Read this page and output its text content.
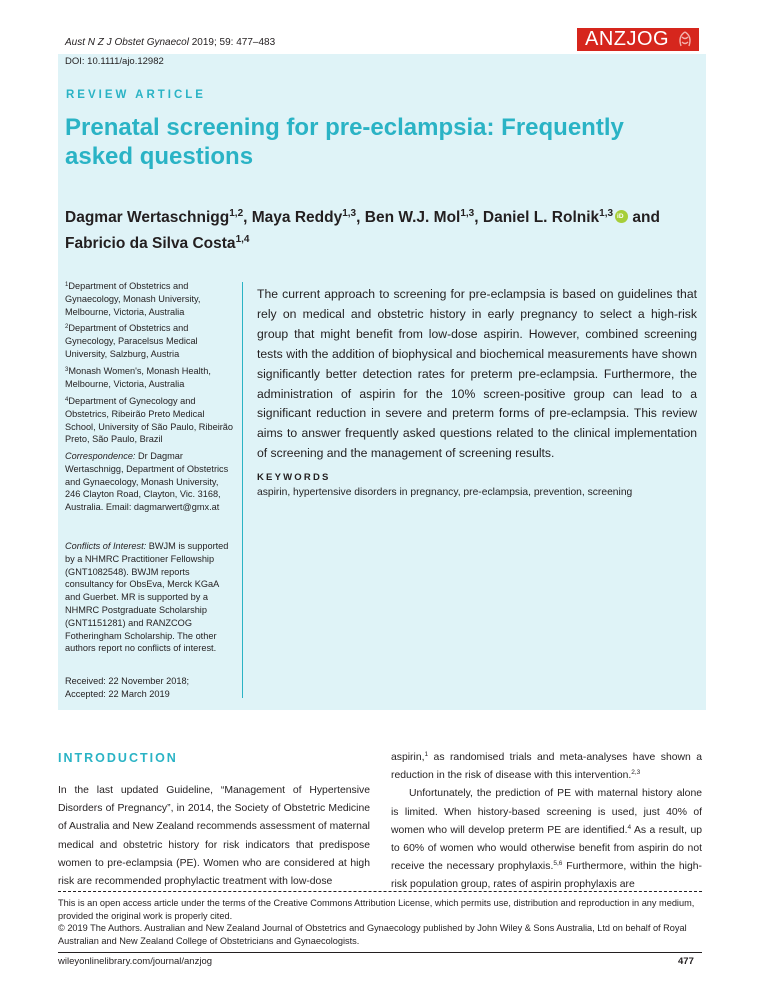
Aust N Z J Obstet Gynaecol 2019; 59: 477–483	ANZJOG
DOI: 10.1111/ajo.12982
REVIEW ARTICLE
Prenatal screening for pre-eclampsia: Frequently asked questions
Dagmar Wertaschnigg$^{1,2}$, Maya Reddy$^{1,3}$, Ben W.J. Mol$^{1,3}$, Daniel L. Rolnik$^{1,3}$iD and
Fabricio da Silva Costa$^{1,4}$
$^1$Department of Obstetrics and Gynaecology, Monash University, Melbourne, Victoria, Australia
$^2$Department of Obstetrics and Gynecology, Paracelsus Medical University, Salzburg, Austria
$^3$Monash Women's, Monash Health, Melbourne, Victoria, Australia
$^4$Department of Gynecology and Obstetrics, Ribeirão Preto Medical School, University of São Paulo, Ribeirão Preto, São Paulo, Brazil
Correspondence: Dr Dagmar Wertaschnigg, Department of Obstetrics and Gynaecology, Monash University, 246 Clayton Road, Clayton, Vic. 3168, Australia. Email: dagmarwert@gmx.at
Conflicts of Interest: BWJM is supported by a NHMRC Practitioner Fellowship (GNT1082548). BWJM reports consultancy for ObsEva, Merck KGaA and Guerbet. MR is supported by a NHMRC Postgraduate Scholarship (GNT1151281) and RANZCOG Fotheringham Scholarship. The other authors report no conflicts of interest.
Received: 22 November 2018;
Accepted: 22 March 2019

The current approach to screening for pre-eclampsia is based on guidelines that rely on medical and obstetric history in early pregnancy to select a high-risk group that might benefit from low-dose aspirin. However, combined screening tests with the addition of biophysical and biochemical measurements have shown significantly better detection rates for preterm pre-eclampsia. Furthermore, the administration of aspirin for the 10% screen-positive group can lead to a significant reduction in severe and preterm forms of pre-eclampsia. This review aims to answer frequently asked questions related to the clinical implementation of screening and the management of screening results.

KEYWORDS
aspirin, hypertensive disorders in pregnancy, pre-eclampsia, prevention, screening
INTRODUCTION

In the last updated Guideline, “Management of Hypertensive Disorders of Pregnancy”, in 2014, the Society of Obstetric Medicine of Australia and New Zealand recommends assessment of maternal medical and obstetric history for risk indicators that predispose women to pre-eclampsia (PE). Women who are considered at high risk are recommended prophylactic treatment with low-dose

aspirin,$^1$ as randomised trials and meta-analyses have shown a reduction in the risk of disease with this intervention.$^{2,3}$

Unfortunately, the prediction of PE with maternal history alone is limited. When history-based screening is used, just 40% of women who will develop preterm PE are identified.$^4$ As a result, up to 60% of women who would otherwise benefit from aspirin do not receive the necessary prophylaxis.$^{5,6}$ Furthermore, within the high-risk population group, rates of aspirin prophylaxis are

This is an open access article under the terms of the Creative Commons Attribution License, which permits use, distribution and reproduction in any medium, provided the original work is properly cited.
© 2019 The Authors. Australian and New Zealand Journal of Obstetrics and Gynaecology published by John Wiley & Sons Australia, Ltd on behalf of Royal Australian and New Zealand College of Obstetricians and Gynaecologists.
wileyonlinelibrary.com/journal/anzjog	477
